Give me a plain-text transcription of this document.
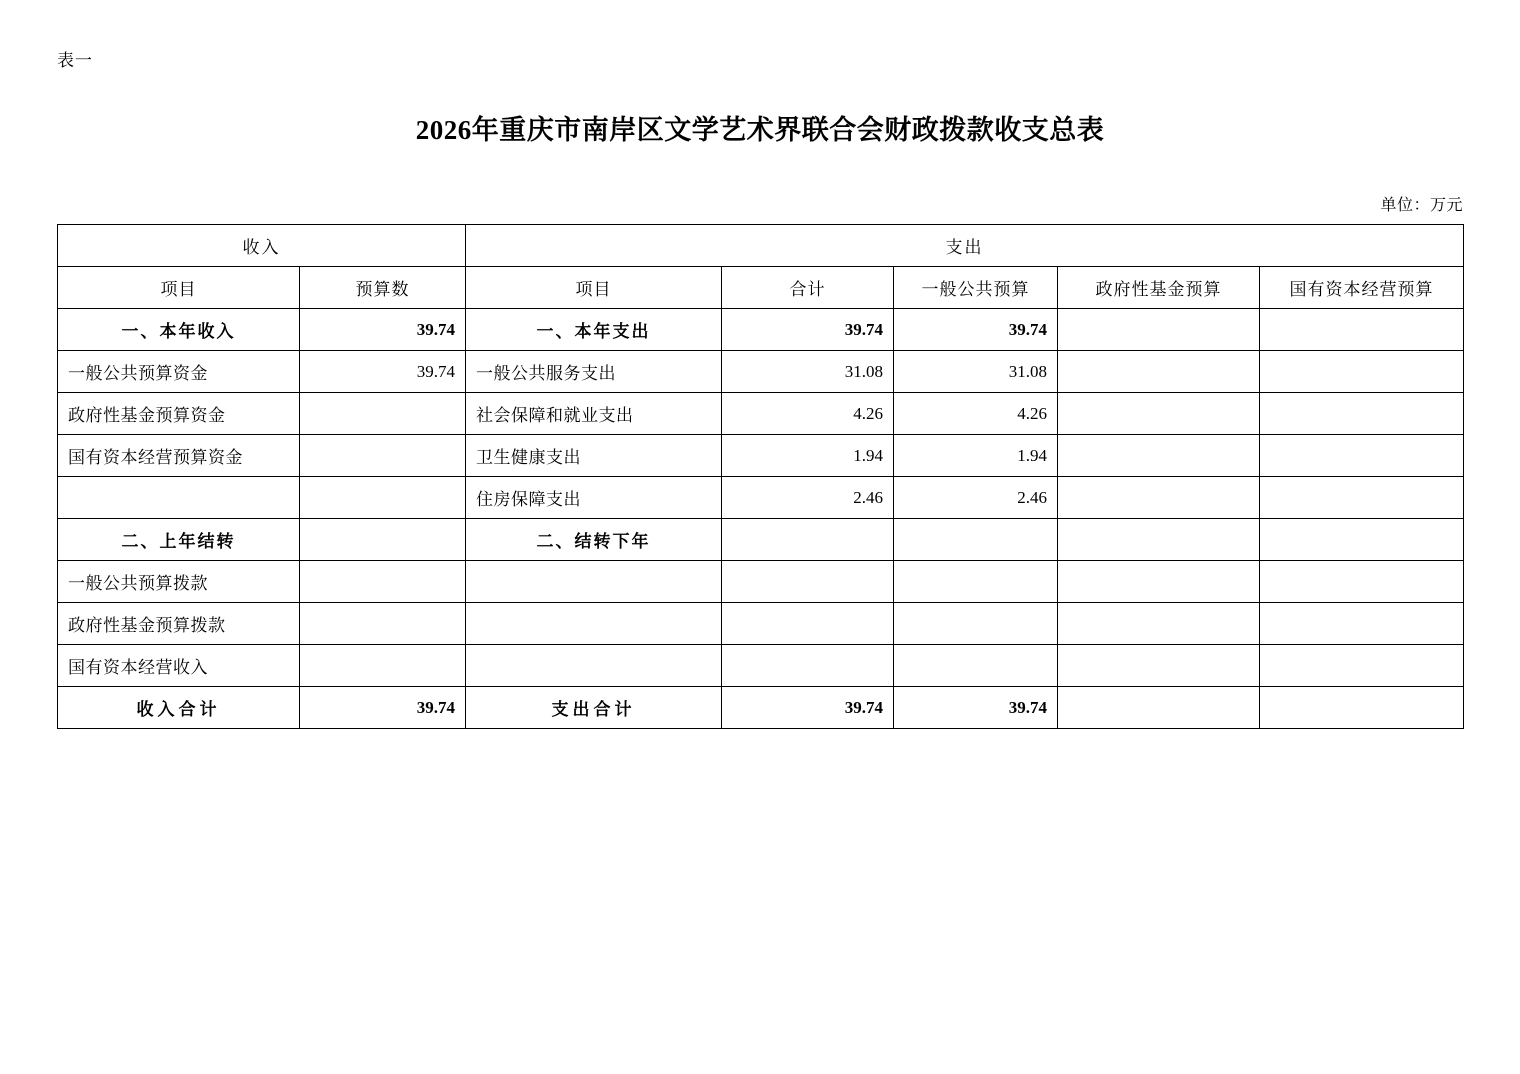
表一
2026年重庆市南岸区文学艺术界联合会财政拨款收支总表
单位：万元
收入		支出				
项目	预算数	项目	合计	一般公共预算	政府性基金预算	国有资本经营预算
一、本年收入	39.74	一、本年支出	39.74	39.74		
一般公共预算资金	39.74	一般公共服务支出	31.08	31.08		
政府性基金预算资金		社会保障和就业支出	4.26	4.26		
国有资本经营预算资金		卫生健康支出	1.94	1.94		
		住房保障支出	2.46	2.46		
二、上年结转		二、结转下年				
一般公共预算拨款						
政府性基金预算拨款						
国有资本经营收入						
收入合计	39.74	支出合计	39.74	39.74		
